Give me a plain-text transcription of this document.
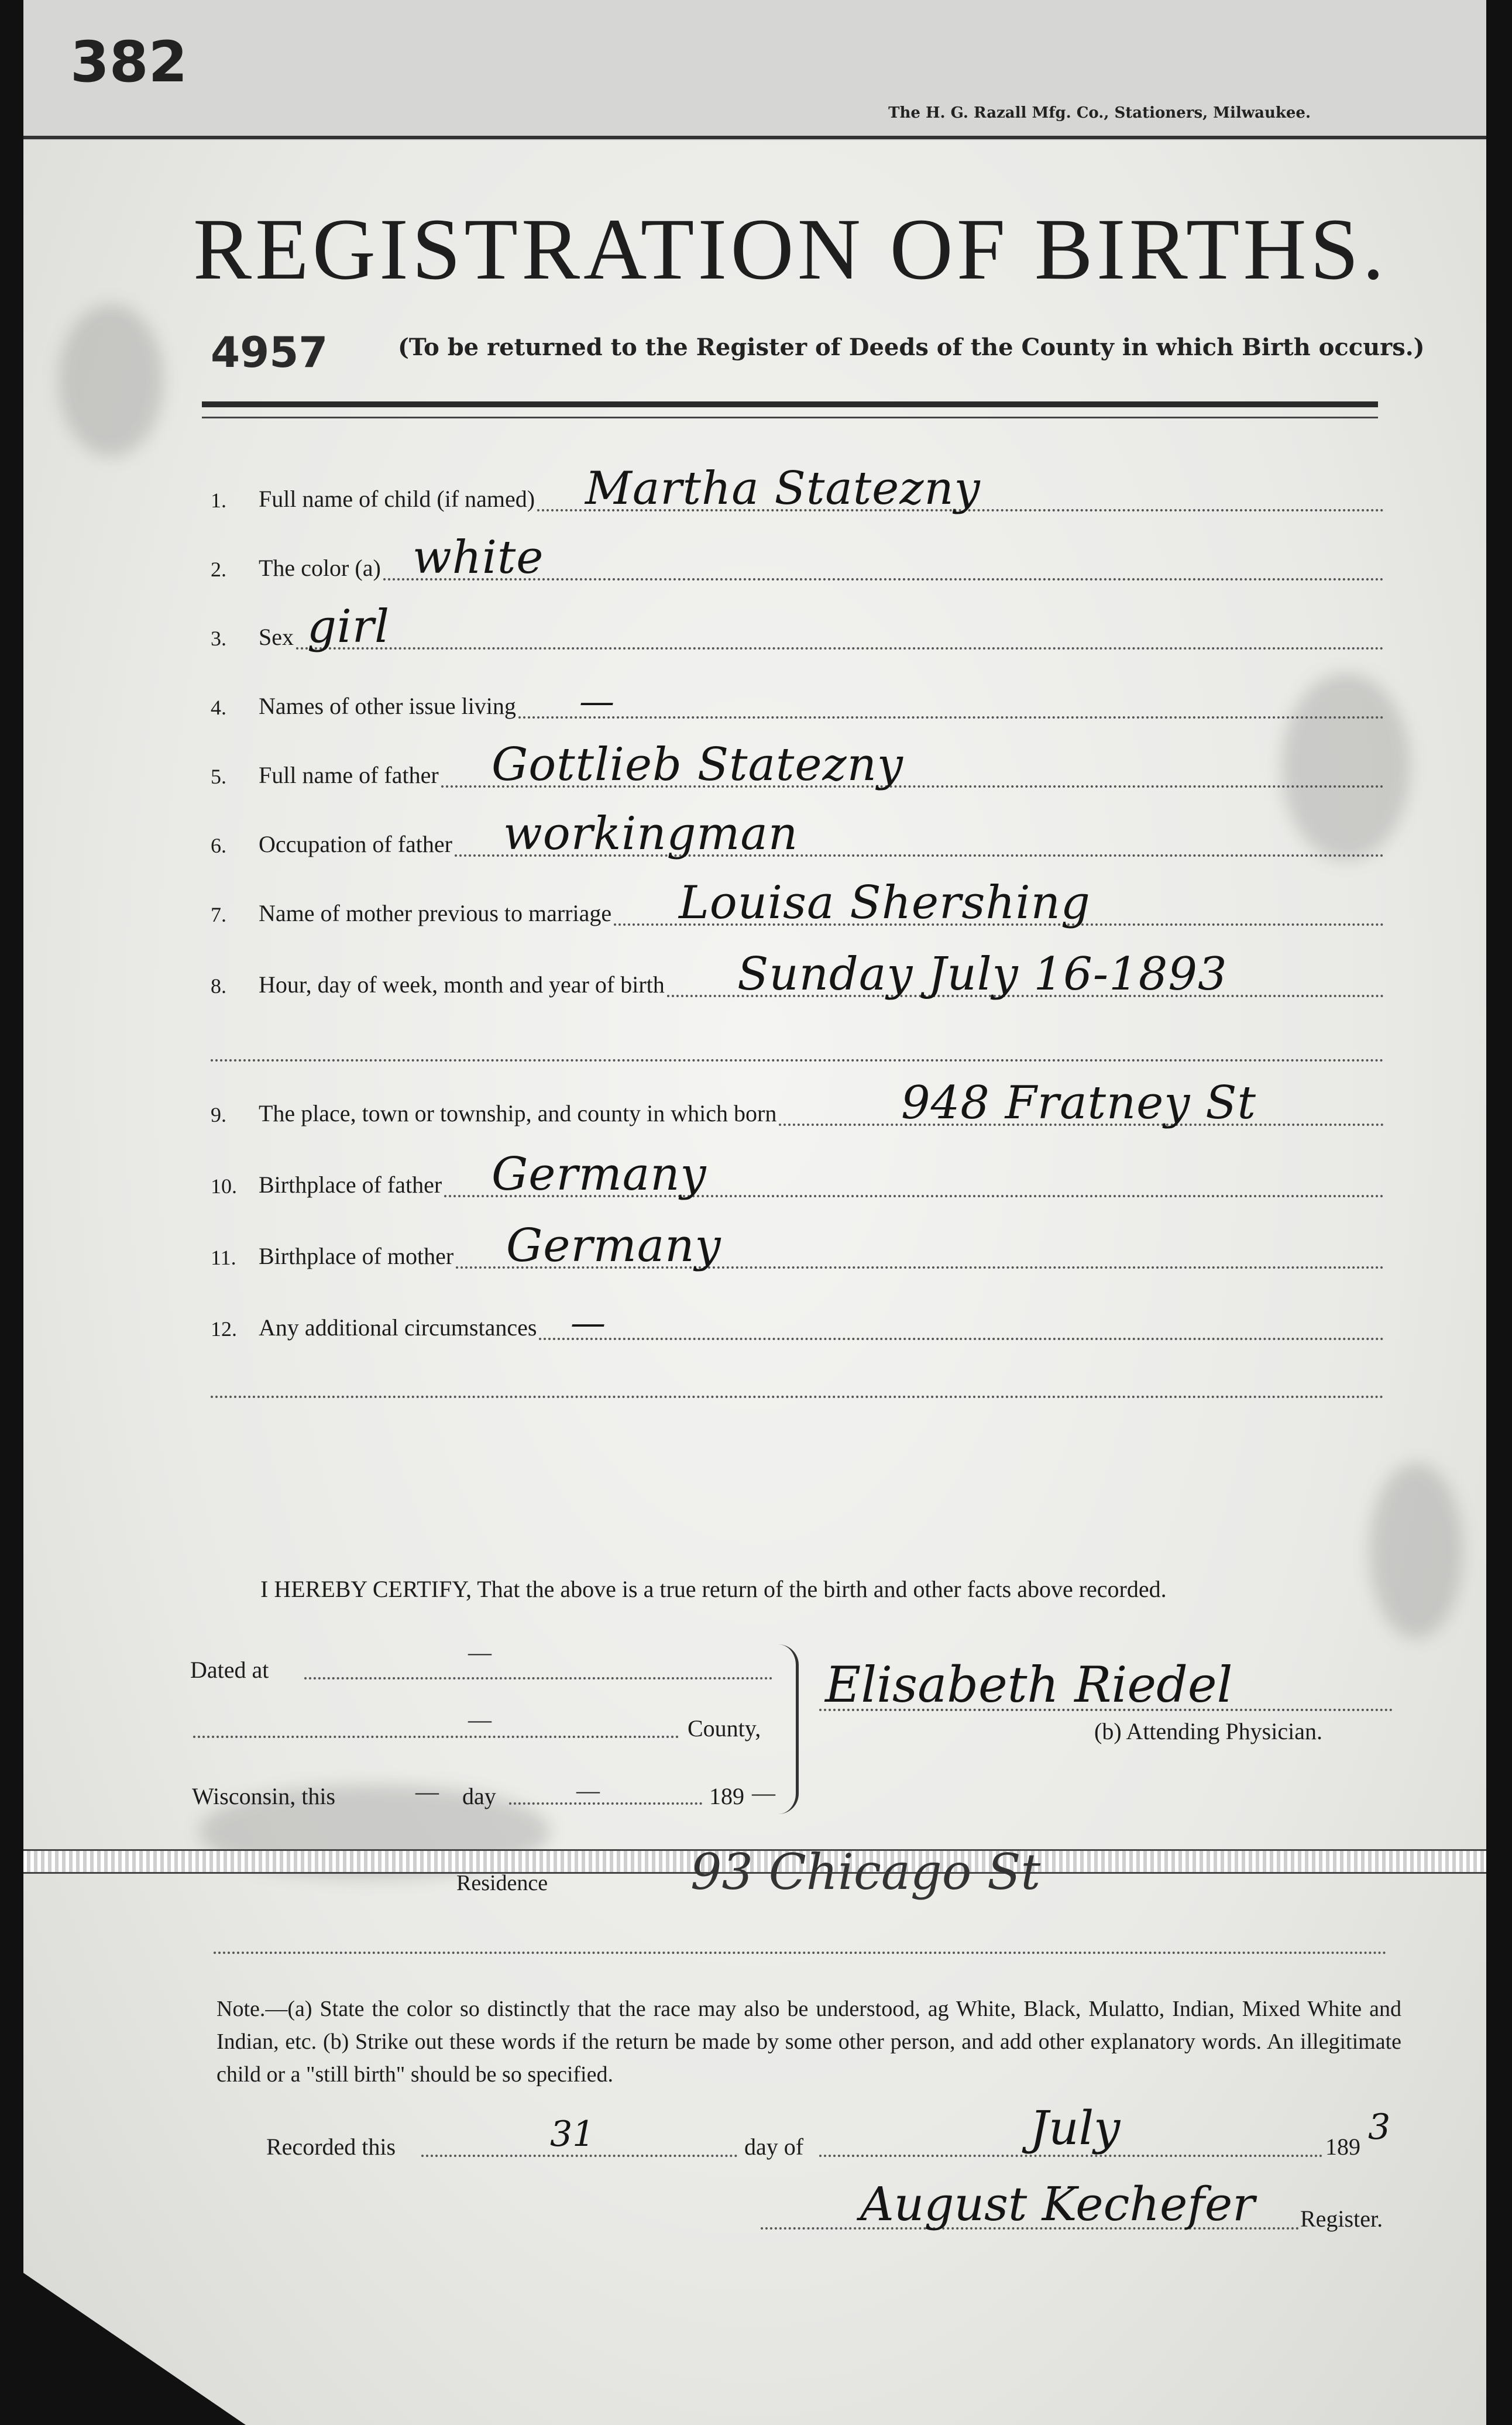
382
The H. G. Razall Mfg. Co., Stationers, Milwaukee.
REGISTRATION OF BIRTHS.
4957	(To be returned to the Register of Deeds of the County in which Birth occurs.)
1.	Full name of child (if named) Martha Statezny
2.	The color (a) white
3.	Sex girl
4.	Names of other issue living —
5.	Full name of father Gottlieb Statezny
6.	Occupation of father workingman
7.	Name of mother previous to marriage Louisa Shershing
8.	Hour, day of week, month and year of birth Sunday July 16-1893
9.	The place, town or township, and county in which born	948 Fratney St
10. Birthplace of father Germany
11. Birthplace of mother Germany
12. Any additional circumstances —
I HEREBY CERTIFY, That the above is a true return of the birth and other facts above recorded.
Dated at
—
—	County,
Wisconsin, this	— day	—	189 —
Elisabeth Riedel
(b) Attending Physician.
Residence	93 Chicago St
Note.—(a) State the color so distinctly that the race may also be understood, ag White, Black, Mulatto, Indian, Mixed White and Indian, etc. (b) Strike out these words if the return be made by some other person, and add other explanatory words. An illegitimate child or a "still birth" should be so specified.
Recorded this	31	day of	July	189 3
August Kechefer Register.
